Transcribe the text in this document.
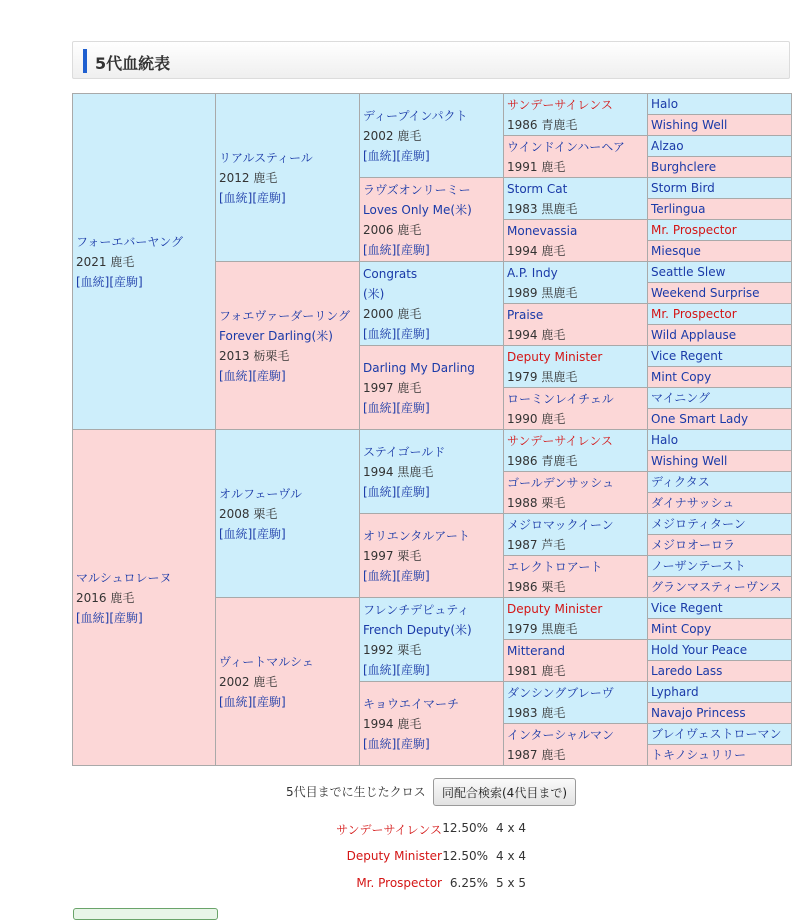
5代血統表
フォーエバーヤング
2021 鹿毛
[血統][産駒]	リアルスティール
2012 鹿毛
[血統][産駒]	ディープインパクト
2002 鹿毛
[血統][産駒]	サンデーサイレンス
1986 青鹿毛	Halo
				Wishing Well
			ウインドインハーヘア
1991 鹿毛	Alzao
				Burghclere
		ラヴズオンリーミー
Loves Only Me(米)
2006 鹿毛
[血統][産駒]	Storm Cat
1983 黒鹿毛	Storm Bird
				Terlingua
			Monevassia
1994 鹿毛	Mr. Prospector
				Miesque
	フォエヴァーダーリング
Forever Darling(米)
2013 栃栗毛
[血統][産駒]	Congrats
(米)
2000 鹿毛
[血統][産駒]	A.P. Indy
1989 黒鹿毛	Seattle Slew
				Weekend Surprise
			Praise
1994 鹿毛	Mr. Prospector
				Wild Applause
		Darling My Darling
1997 鹿毛
[血統][産駒]	Deputy Minister
1979 黒鹿毛	Vice Regent
				Mint Copy
			ローミンレイチェル
1990 鹿毛	マイニング
				One Smart Lady
マルシュロレーヌ
2016 鹿毛
[血統][産駒]	オルフェーヴル
2008 栗毛
[血統][産駒]	ステイゴールド
1994 黒鹿毛
[血統][産駒]	サンデーサイレンス
1986 青鹿毛	Halo
				Wishing Well
			ゴールデンサッシュ
1988 栗毛	ディクタス
				ダイナサッシュ
		オリエンタルアート
1997 栗毛
[血統][産駒]	メジロマックイーン
1987 芦毛	メジロティターン
				メジロオーロラ
			エレクトロアート
1986 栗毛	ノーザンテースト
				グランマスティーヴンス
	ヴィートマルシェ
2002 鹿毛
[血統][産駒]	フレンチデピュティ
French Deputy(米)
1992 栗毛
[血統][産駒]	Deputy Minister
1979 黒鹿毛	Vice Regent
				Mint Copy
			Mitterand
1981 鹿毛	Hold Your Peace
				Laredo Lass
		キョウエイマーチ
1994 鹿毛
[血統][産駒]	ダンシングブレーヴ
1983 鹿毛	Lyphard
				Navajo Princess
			インターシャルマン
1987 鹿毛	ブレイヴェストローマン
				トキノシュリリー
5代目までに生じたクロス	同配合検索(4代目まで)
サンデーサイレンス 12.50% 4 x 4
Deputy Minister 12.50% 4 x 4
Mr. Prospector 6.25% 5 x 5
